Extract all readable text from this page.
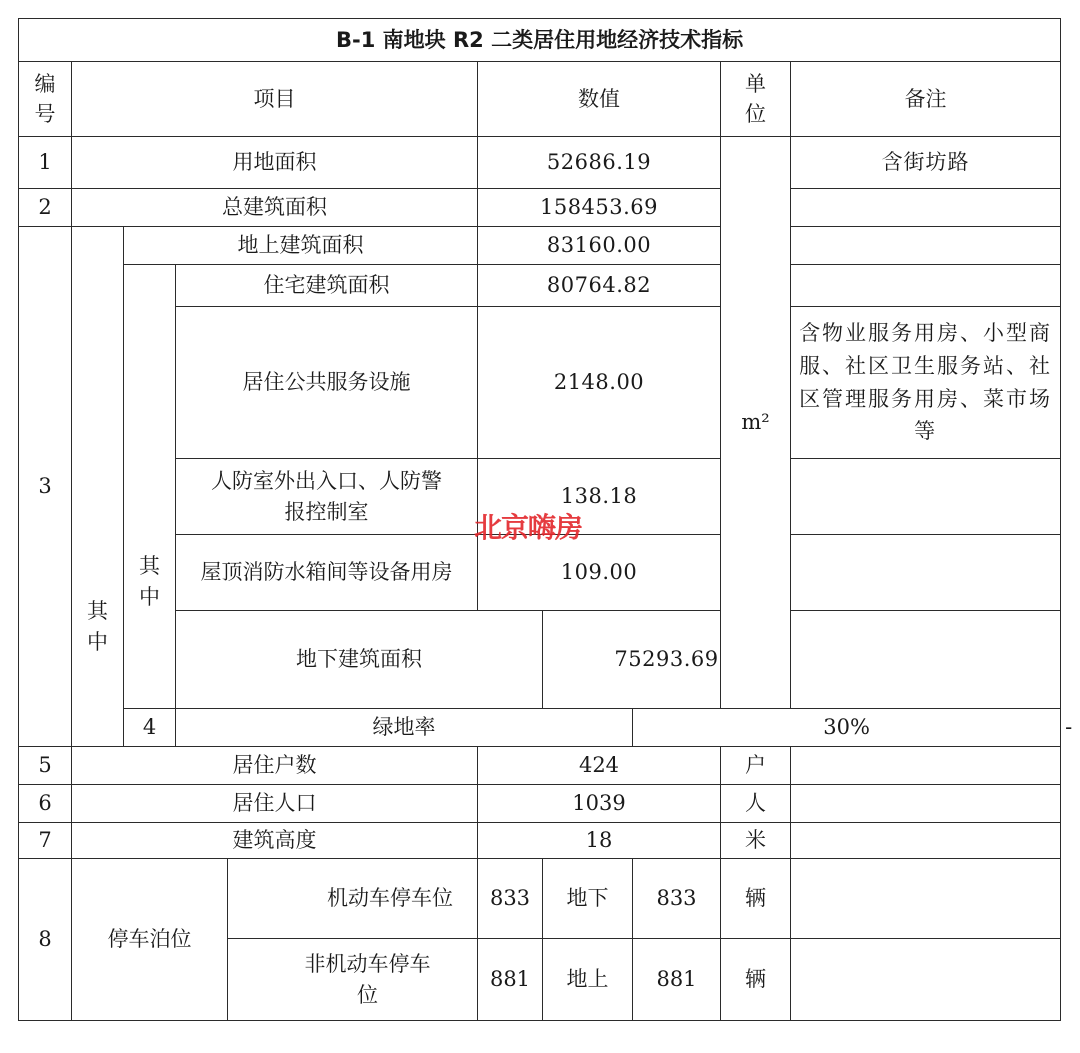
B-1 南地块 R2 二类居住用地经济技术指标										
编号	项目				数值			单位	备注	
1	用地面积				52686.19			m²	含街坊路	
2	总建筑面积				158453.69					
3	其中	地上建筑面积			83160.00					
		其中	住宅建筑面积		80764.82					
			居住公共服务设施		2148.00				含物业服务用房、小型商服、社区卫生服务站、社区管理服务用房、菜市场等	
			人防室外出入口、人防警报控制室		138.18					
			屋顶消防水箱间等设备用房		109.00					
			地下建筑面积			75293.69				
		4	绿地率				30%			-	
5	居住户数				424			户		
6	居住人口				1039			人		
7	建筑高度				18			米		
8	停车泊位			机动车停车位	833	地下	833	辆		
				非机动车停车位	881	地上	881	辆		
北京嗨房
